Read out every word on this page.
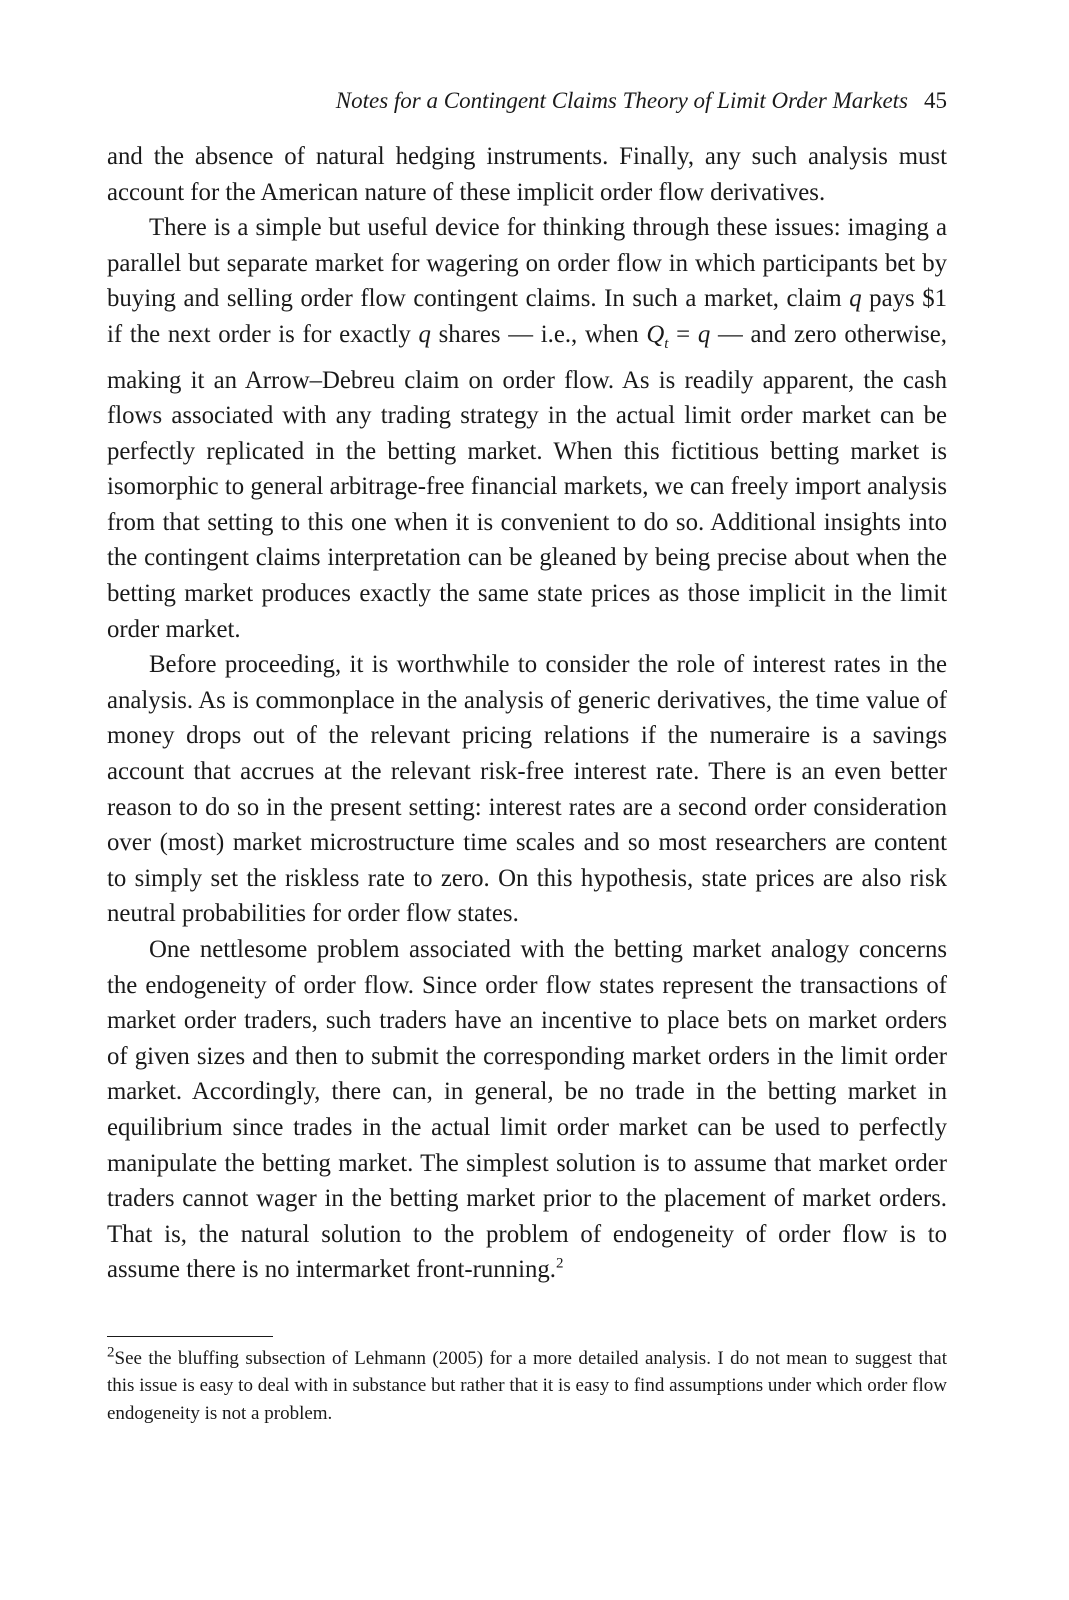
Notes for a Contingent Claims Theory of Limit Order Markets 45

and the absence of natural hedging instruments. Finally, any such analysis must account for the American nature of these implicit order flow derivatives.

There is a simple but useful device for thinking through these issues: imaging a parallel but separate market for wagering on order flow in which participants bet by buying and selling order flow contingent claims. In such a market, claim q pays $1 if the next order is for exactly q shares — i.e., when $Q_t = q$ — and zero otherwise, making it an Arrow–Debreu claim on order flow. As is readily apparent, the cash flows associated with any trading strategy in the actual limit order market can be perfectly replicated in the betting market. When this fictitious betting market is isomorphic to general arbitrage-free financial markets, we can freely import analysis from that setting to this one when it is convenient to do so. Additional insights into the contingent claims interpretation can be gleaned by being precise about when the betting market produces exactly the same state prices as those implicit in the limit order market.

Before proceeding, it is worthwhile to consider the role of interest rates in the analysis. As is commonplace in the analysis of generic derivatives, the time value of money drops out of the relevant pricing relations if the numeraire is a savings account that accrues at the relevant risk-free interest rate. There is an even better reason to do so in the present setting: interest rates are a second order consideration over (most) market microstructure time scales and so most researchers are content to simply set the riskless rate to zero. On this hypothesis, state prices are also risk neutral probabilities for order flow states.

One nettlesome problem associated with the betting market analogy concerns the endogeneity of order flow. Since order flow states represent the transactions of market order traders, such traders have an incentive to place bets on market orders of given sizes and then to submit the corresponding market orders in the limit order market. Accordingly, there can, in general, be no trade in the betting market in equilibrium since trades in the actual limit order market can be used to perfectly manipulate the betting market. The simplest solution is to assume that market order traders cannot wager in the betting market prior to the placement of market orders. That is, the natural solution to the problem of endogeneity of order flow is to assume there is no intermarket front-running.$^2$

$^2$See the bluffing subsection of Lehmann (2005) for a more detailed analysis. I do not mean to suggest that this issue is easy to deal with in substance but rather that it is easy to find assumptions under which order flow endogeneity is not a problem.
